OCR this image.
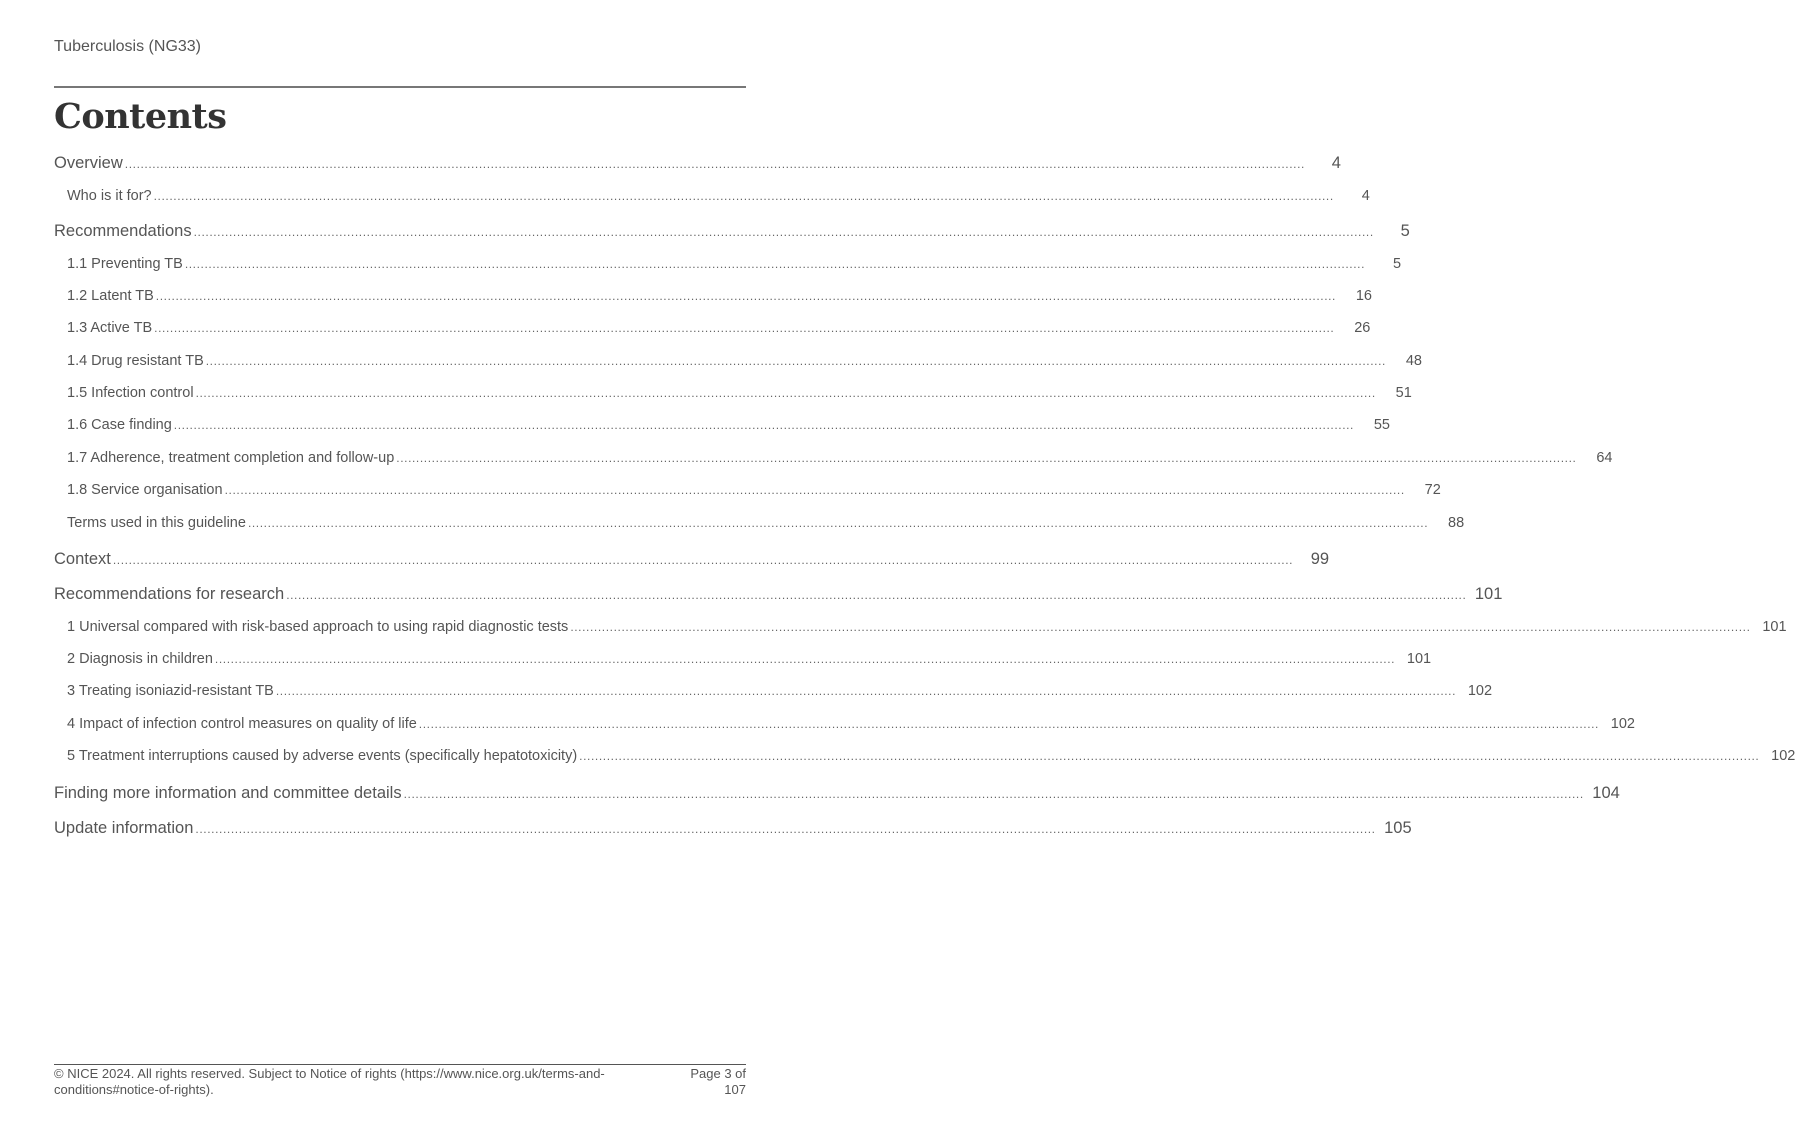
Tuberculosis (NG33)
Contents
Overview ............................................................................................................................................................................................................................................................................................................	4
Who is it for? ............................................................................................................................................................................................................................................................................................................	4
Recommendations ............................................................................................................................................................................................................................................................................................................	5
1.1 Preventing TB ............................................................................................................................................................................................................................................................................................................	5
1.2 Latent TB ............................................................................................................................................................................................................................................................................................................	16
1.3 Active TB ............................................................................................................................................................................................................................................................................................................	26
1.4 Drug resistant TB ............................................................................................................................................................................................................................................................................................................	48
1.5 Infection control ............................................................................................................................................................................................................................................................................................................	51
1.6 Case finding ............................................................................................................................................................................................................................................................................................................	55
1.7 Adherence, treatment completion and follow-up ............................................................................................................................................................................................................................................................................................................	64
1.8 Service organisation ............................................................................................................................................................................................................................................................................................................	72
Terms used in this guideline ............................................................................................................................................................................................................................................................................................................	88
Context ............................................................................................................................................................................................................................................................................................................	99
Recommendations for research ............................................................................................................................................................................................................................................................................................................ 101
1 Universal compared with risk-based approach to using rapid diagnostic tests ............................................................................................................................................................................................................................................................................................................ 101
2 Diagnosis in children ............................................................................................................................................................................................................................................................................................................ 101
3 Treating isoniazid-resistant TB ............................................................................................................................................................................................................................................................................................................ 102
4 Impact of infection control measures on quality of life ............................................................................................................................................................................................................................................................................................................ 102
5 Treatment interruptions caused by adverse events (specifically hepatotoxicity) ............................................................................................................................................................................................................................................................................................................ 102
Finding more information and committee details ............................................................................................................................................................................................................................................................................................................ 104
Update information ............................................................................................................................................................................................................................................................................................................ 105
© NICE 2024. All rights reserved. Subject to Notice of rights (https://www.nice.org.uk/terms-and-conditions#notice-of-rights).
Page 3 of 107
